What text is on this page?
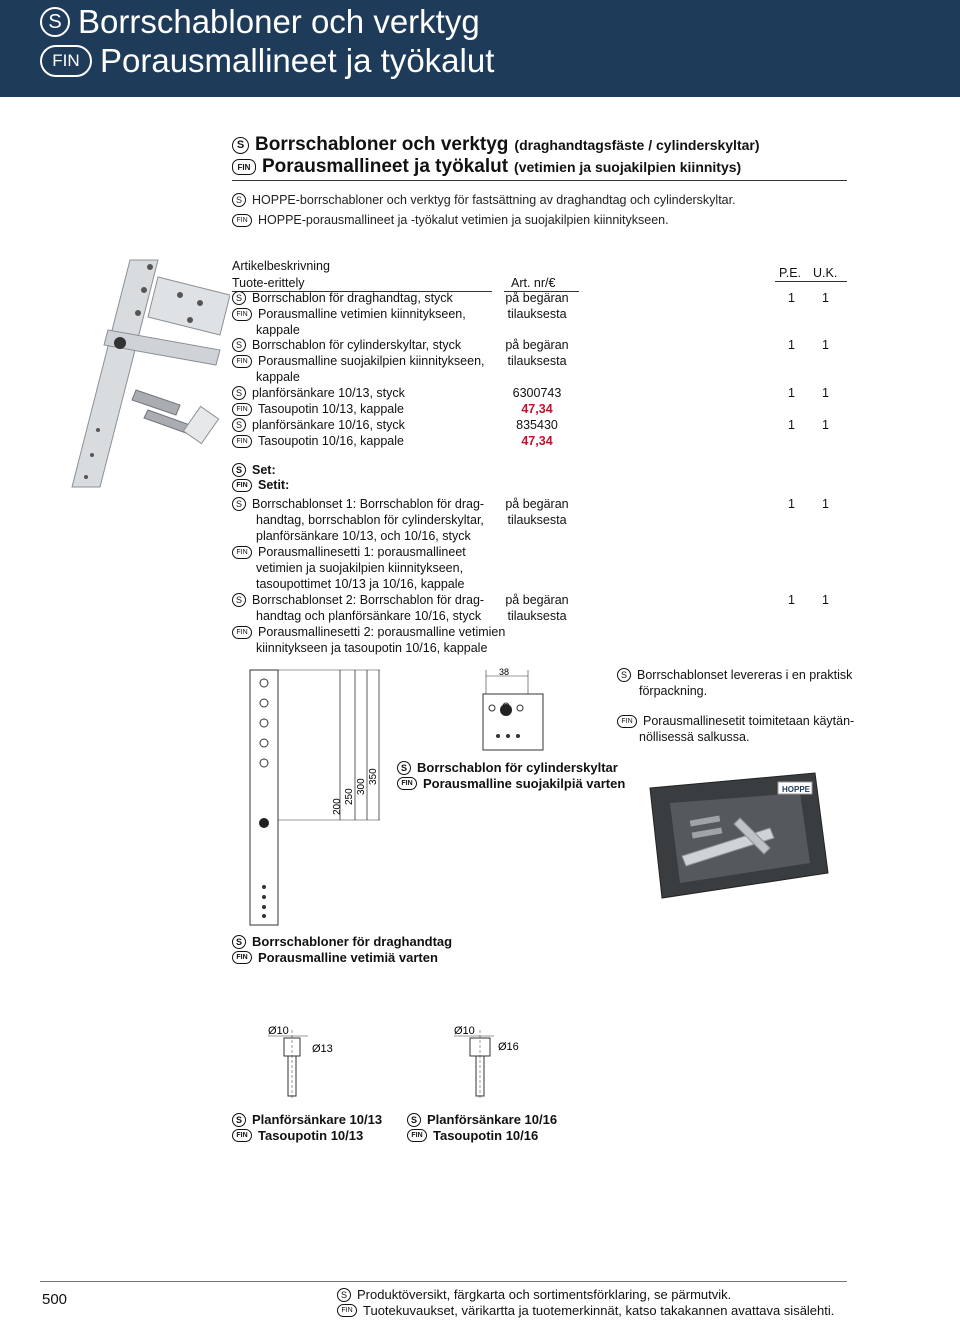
S Borrschabloner och verktyg
FIN Porausmallineet ja työkalut
S Borrschabloner och verktyg (draghandtagsfäste / cylinderskyltar)
FIN Porausmallineet ja työkalut (vetimien ja suojakilpien kiinnitys)
S HOPPE-borrschabloner och verktyg för fastsättning av draghandtag och cylinderskyltar.
FIN HOPPE-porausmallineet ja -työkalut vetimien ja suojakilpien kiinnitykseen.
Artikelbeskrivning
Tuote-erittely	Art. nr/€
P.E. U.K.
S Borrschablon för draghandtag, styck
FIN Porausmalline vetimien kiinnitykseen,
kappale
på begäran
tilauksesta
1 1
S Borrschablon för cylinderskyltar, styck
FIN Porausmalline suojakilpien kiinnitykseen,
kappale
på begäran
tilauksesta
1 1
S planförsänkare 10/13, styck
FIN Tasoupotin 10/13, kappale
6300743
47,34
1 1
S planförsänkare 10/16, styck
FIN Tasoupotin 10/16, kappale
835430
47,34
1 1
S Set:
FIN Setit:
S Borrschablonset 1: Borrschablon för drag-
handtag, borrschablon för cylinderskyltar,
planförsänkare 10/13, och 10/16, styck
FIN Porausmallinesetti 1: porausmallineet
vetimien ja suojakilpien kiinnitykseen,
tasoupottimet 10/13 ja 10/16, kappale
på begäran
tilauksesta
1 1
S Borrschablonset 2: Borrschablon för drag-
handtag och planförsänkare 10/16, styck
FIN Porausmallinesetti 2: porausmalline vetimien
kiinnitykseen ja tasoupotin 10/16, kappale
på begäran
tilauksesta
1 1
200
250
300
350
38
S Borrschablon för cylinderskyltar
FIN Porausmalline suojakilpiä varten
S Borrschablonset levereras i en praktisk
förpackning.
FIN Porausmallinesetit toimitetaan käytän-
nöllisessä salkussa.
HOPPE
S Borrschabloner för draghandtag
FIN Porausmalline vetimiä varten
Ø10
Ø13
Ø10
Ø16
S Planförsänkare 10/13
FIN Tasoupotin 10/13
S Planförsänkare 10/16
FIN Tasoupotin 10/16
500	S Produktöversikt, färgkarta och sortimentsförklaring, se pärmutvik.
FIN Tuotekuvaukset, värikartta ja tuotemerkinnät, katso takakannen avattava sisälehti.
